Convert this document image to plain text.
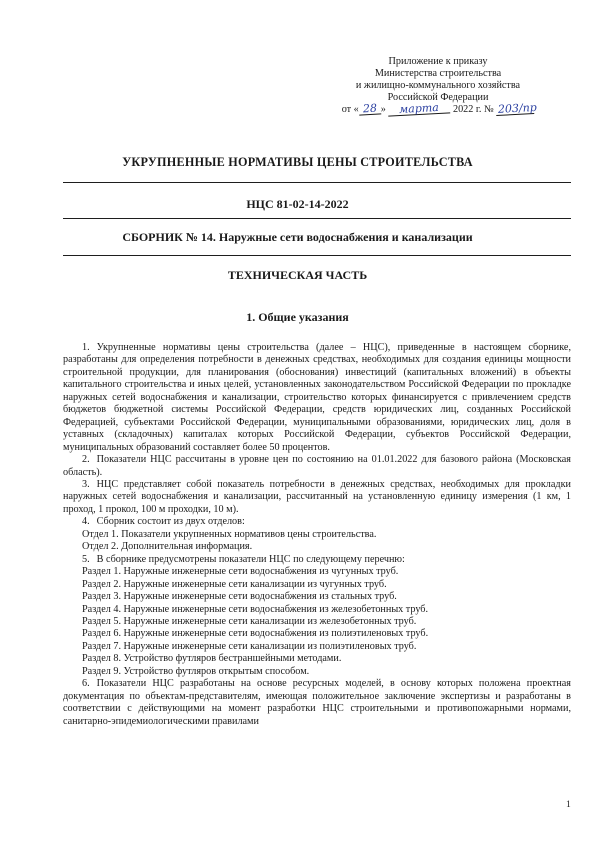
Приложение к приказу
Министерства строительства
и жилищно-коммунального хозяйства
Российской Федерации
от « 28 » марта 2022 г. № 203/пр
УКРУПНЕННЫЕ НОРМАТИВЫ ЦЕНЫ СТРОИТЕЛЬСТВА
НЦС 81-02-14-2022
СБОРНИК № 14. Наружные сети водоснабжения и канализации
ТЕХНИЧЕСКАЯ ЧАСТЬ
1. Общие указания

1. Укрупненные нормативы цены строительства (далее – НЦС), приведенные в настоящем сборнике, разработаны для определения потребности в денежных средствах, необходимых для создания единицы мощности строительной продукции, для планирования (обоснования) инвестиций (капитальных вложений) в объекты капитального строительства и иных целей, установленных законодательством Российской Федерации по прокладке наружных сетей водоснабжения и канализации, строительство которых финансируется с привлечением средств бюджетов бюджетной системы Российской Федерации, средств юридических лиц, созданных Российской Федерацией, субъектами Российской Федерации, муниципальными образованиями, юридических лиц, доля в уставных (складочных) капиталах которых Российской Федерации, субъектов Российской Федерации, муниципальных образований составляет более 50 процентов.

2. Показатели НЦС рассчитаны в уровне цен по состоянию на 01.01.2022 для базового района (Московская область).

3. НЦС представляет собой показатель потребности в денежных средствах, необходимых для прокладки наружных сетей водоснабжения и канализации, рассчитанный на установленную единицу измерения (1 км, 1 проход, 1 прокол, 100 м проходки, 10 м).

4. Сборник состоит из двух отделов:

Отдел 1. Показатели укрупненных нормативов цены строительства.

Отдел 2. Дополнительная информация.

5. В сборнике предусмотрены показатели НЦС по следующему перечню:

Раздел 1. Наружные инженерные сети водоснабжения из чугунных труб.

Раздел 2. Наружные инженерные сети канализации из чугунных труб.

Раздел 3. Наружные инженерные сети водоснабжения из стальных труб.

Раздел 4. Наружные инженерные сети водоснабжения из железобетонных труб.

Раздел 5. Наружные инженерные сети канализации из железобетонных труб.

Раздел 6. Наружные инженерные сети водоснабжения из полиэтиленовых труб.

Раздел 7. Наружные инженерные сети канализации из полиэтиленовых труб.

Раздел 8. Устройство футляров бестраншейными методами.

Раздел 9. Устройство футляров открытым способом.

6. Показатели НЦС разработаны на основе ресурсных моделей, в основу которых положена проектная документация по объектам-представителям, имеющая положительное заключение экспертизы и разработаны в соответствии с действующими на момент разработки НЦС строительными и противопожарными нормами, санитарно-эпидемиологическими правилами

1
